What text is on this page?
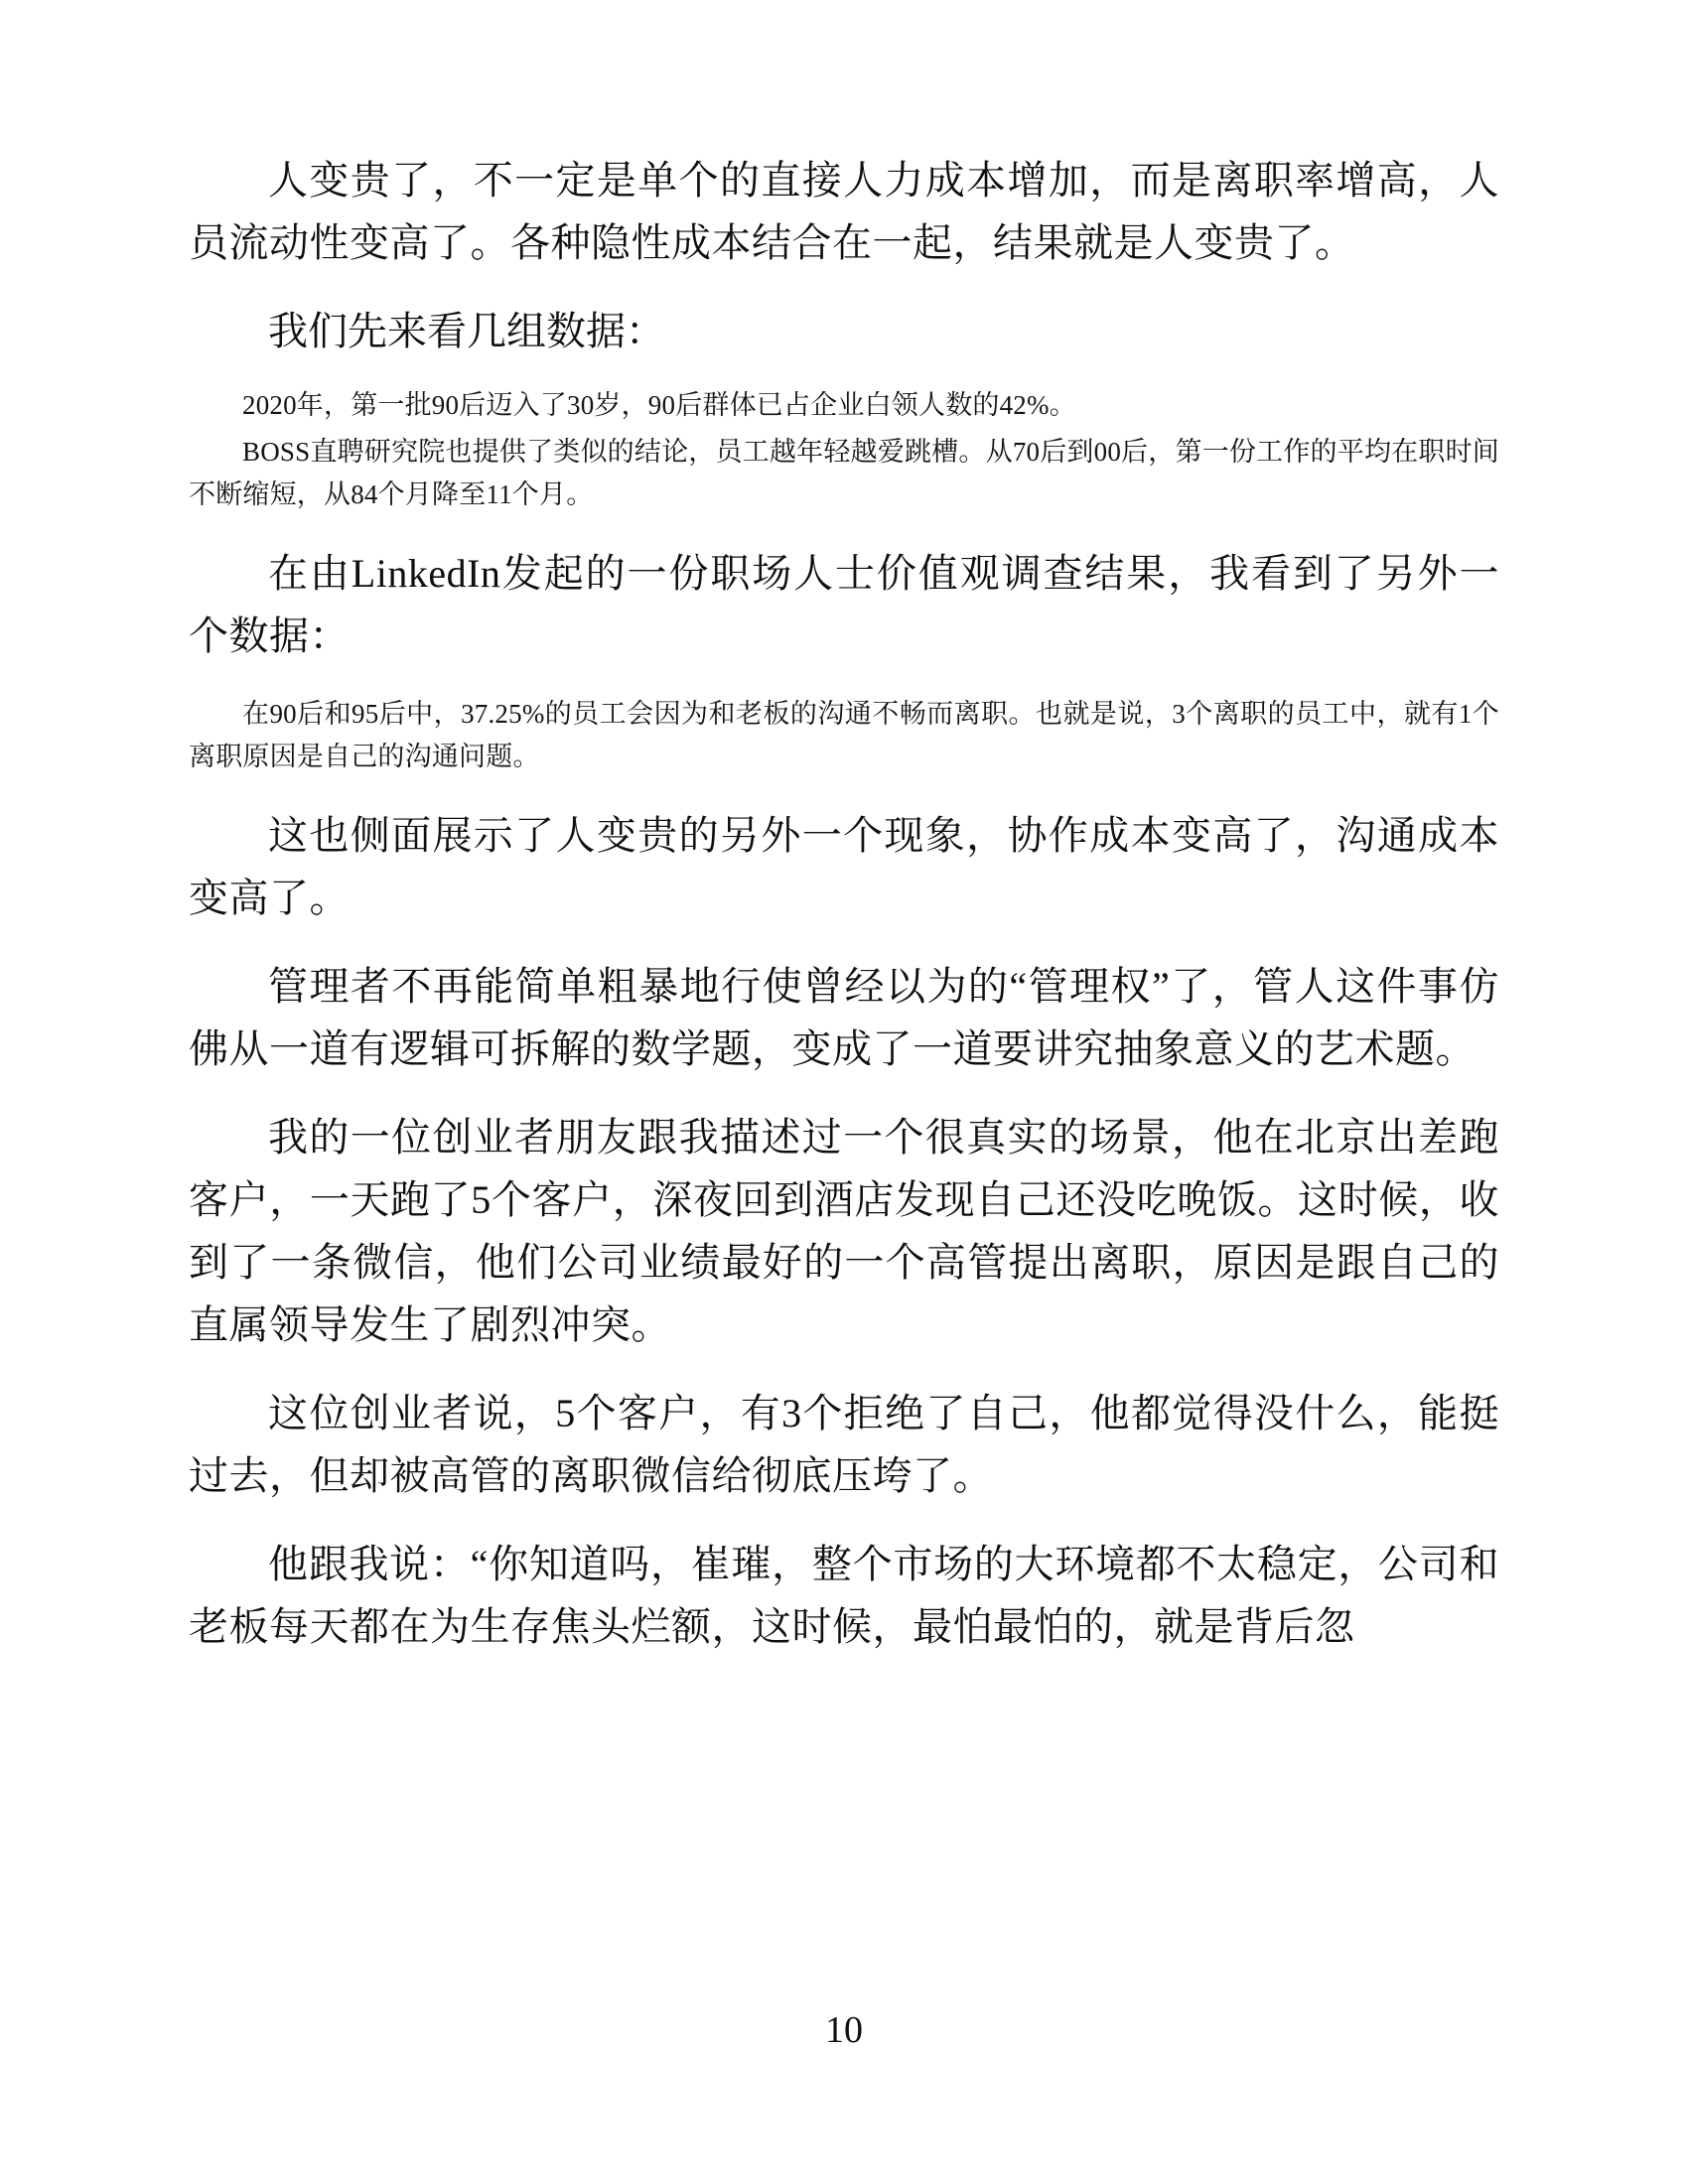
人变贵了，不一定是单个的直接人力成本增加，而是离职率增高，人员流动性变高了。各种隐性成本结合在一起，结果就是人变贵了。

我们先来看几组数据：

2020年，第一批90后迈入了30岁，90后群体已占企业白领人数的42%。

BOSS直聘研究院也提供了类似的结论，员工越年轻越爱跳槽。从70后到00后，第一份工作的平均在职时间不断缩短，从84个月降至11个月。

在由LinkedIn发起的一份职场人士价值观调查结果，我看到了另外一个数据：

在90后和95后中，37.25%的员工会因为和老板的沟通不畅而离职。也就是说，3个离职的员工中，就有1个离职原因是自己的沟通问题。

这也侧面展示了人变贵的另外一个现象，协作成本变高了，沟通成本变高了。

管理者不再能简单粗暴地行使曾经以为的“管理权”了，管人这件事仿佛从一道有逻辑可拆解的数学题，变成了一道要讲究抽象意义的艺术题。

我的一位创业者朋友跟我描述过一个很真实的场景，他在北京出差跑客户，一天跑了5个客户，深夜回到酒店发现自己还没吃晚饭。这时候，收到了一条微信，他们公司业绩最好的一个高管提出离职，原因是跟自己的直属领导发生了剧烈冲突。

这位创业者说，5个客户，有3个拒绝了自己，他都觉得没什么，能挺过去，但却被高管的离职微信给彻底压垮了。

他跟我说：“你知道吗，崔璀，整个市场的大环境都不太稳定，公司和老板每天都在为生存焦头烂额，这时候，最怕最怕的，就是背后忽

10
